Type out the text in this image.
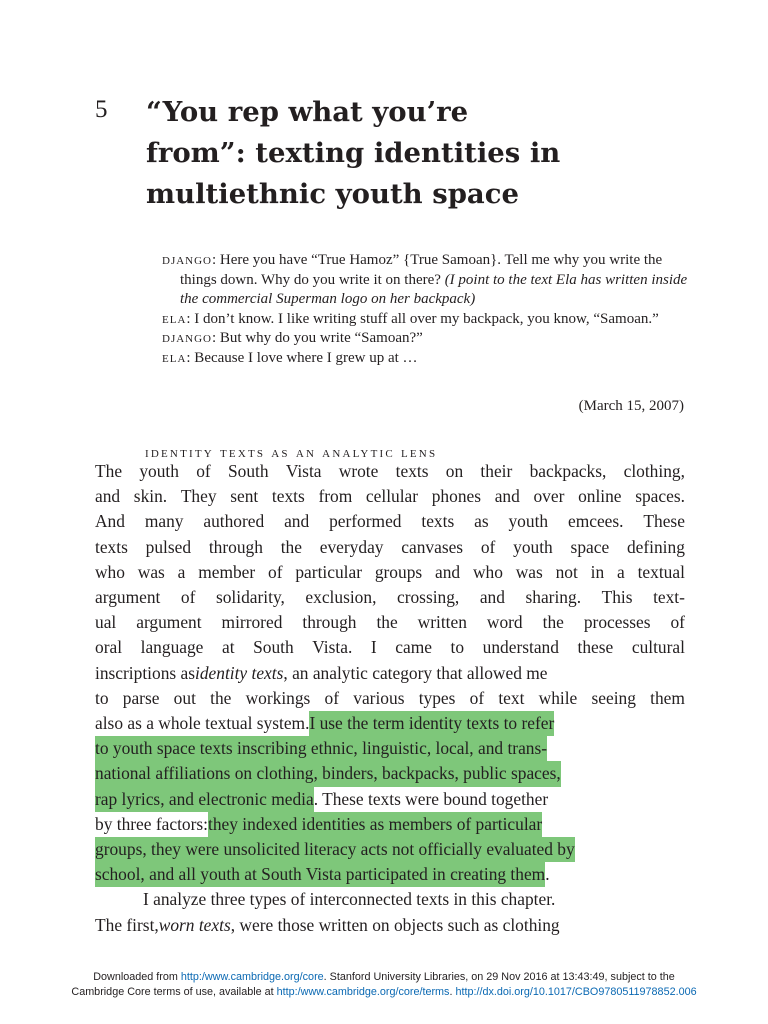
5 “You rep what you’re
from”: texting identities in
multiethnic youth space
django: Here you have “True Hamoz” {True Samoan}. Tell me why you write the things down. Why do you write it on there? (I point to the text Ela has written inside the commercial Superman logo on her backpack)
ela: I don’t know. I like writing stuff all over my backpack, you know, “Samoan.”
django: But why do you write “Samoan?”
ela: Because I love where I grew up at …
(March 15, 2007)
identity texts as an analytic lens
The youth of South Vista wrote texts on their backpacks, clothing,
and skin. They sent texts from cellular phones and over online spaces.
And many authored and performed texts as youth emcees. These
texts pulsed through the everyday canvases of youth space defining
who was a member of particular groups and who was not in a textual
argument of solidarity, exclusion, crossing, and sharing. This text-
ual argument mirrored through the written word the processes of
oral language at South Vista. I came to understand these cultural
inscriptions as identity texts , an analytic category that allowed me
to parse out the workings of various types of text while seeing them
also as a whole textual system. I use the term identity texts to refer
to youth space texts inscribing ethnic, linguistic, local, and trans-
national affiliations on clothing, binders, backpacks, public spaces,
rap lyrics, and electronic media . These texts were bound together
by three factors: they indexed identities as members of particular
groups, they were unsolicited literacy acts not officially evaluated by
school, and all youth at South Vista participated in creating them .
I analyze three types of interconnected texts in this chapter.
The first, worn texts , were those written on objects such as clothing
Downloaded from http:/www.cambridge.org/core. Stanford University Libraries, on 29 Nov 2016 at 13:43:49, subject to the
Cambridge Core terms of use, available at http:/www.cambridge.org/core/terms. http://dx.doi.org/10.1017/CBO9780511978852.006
